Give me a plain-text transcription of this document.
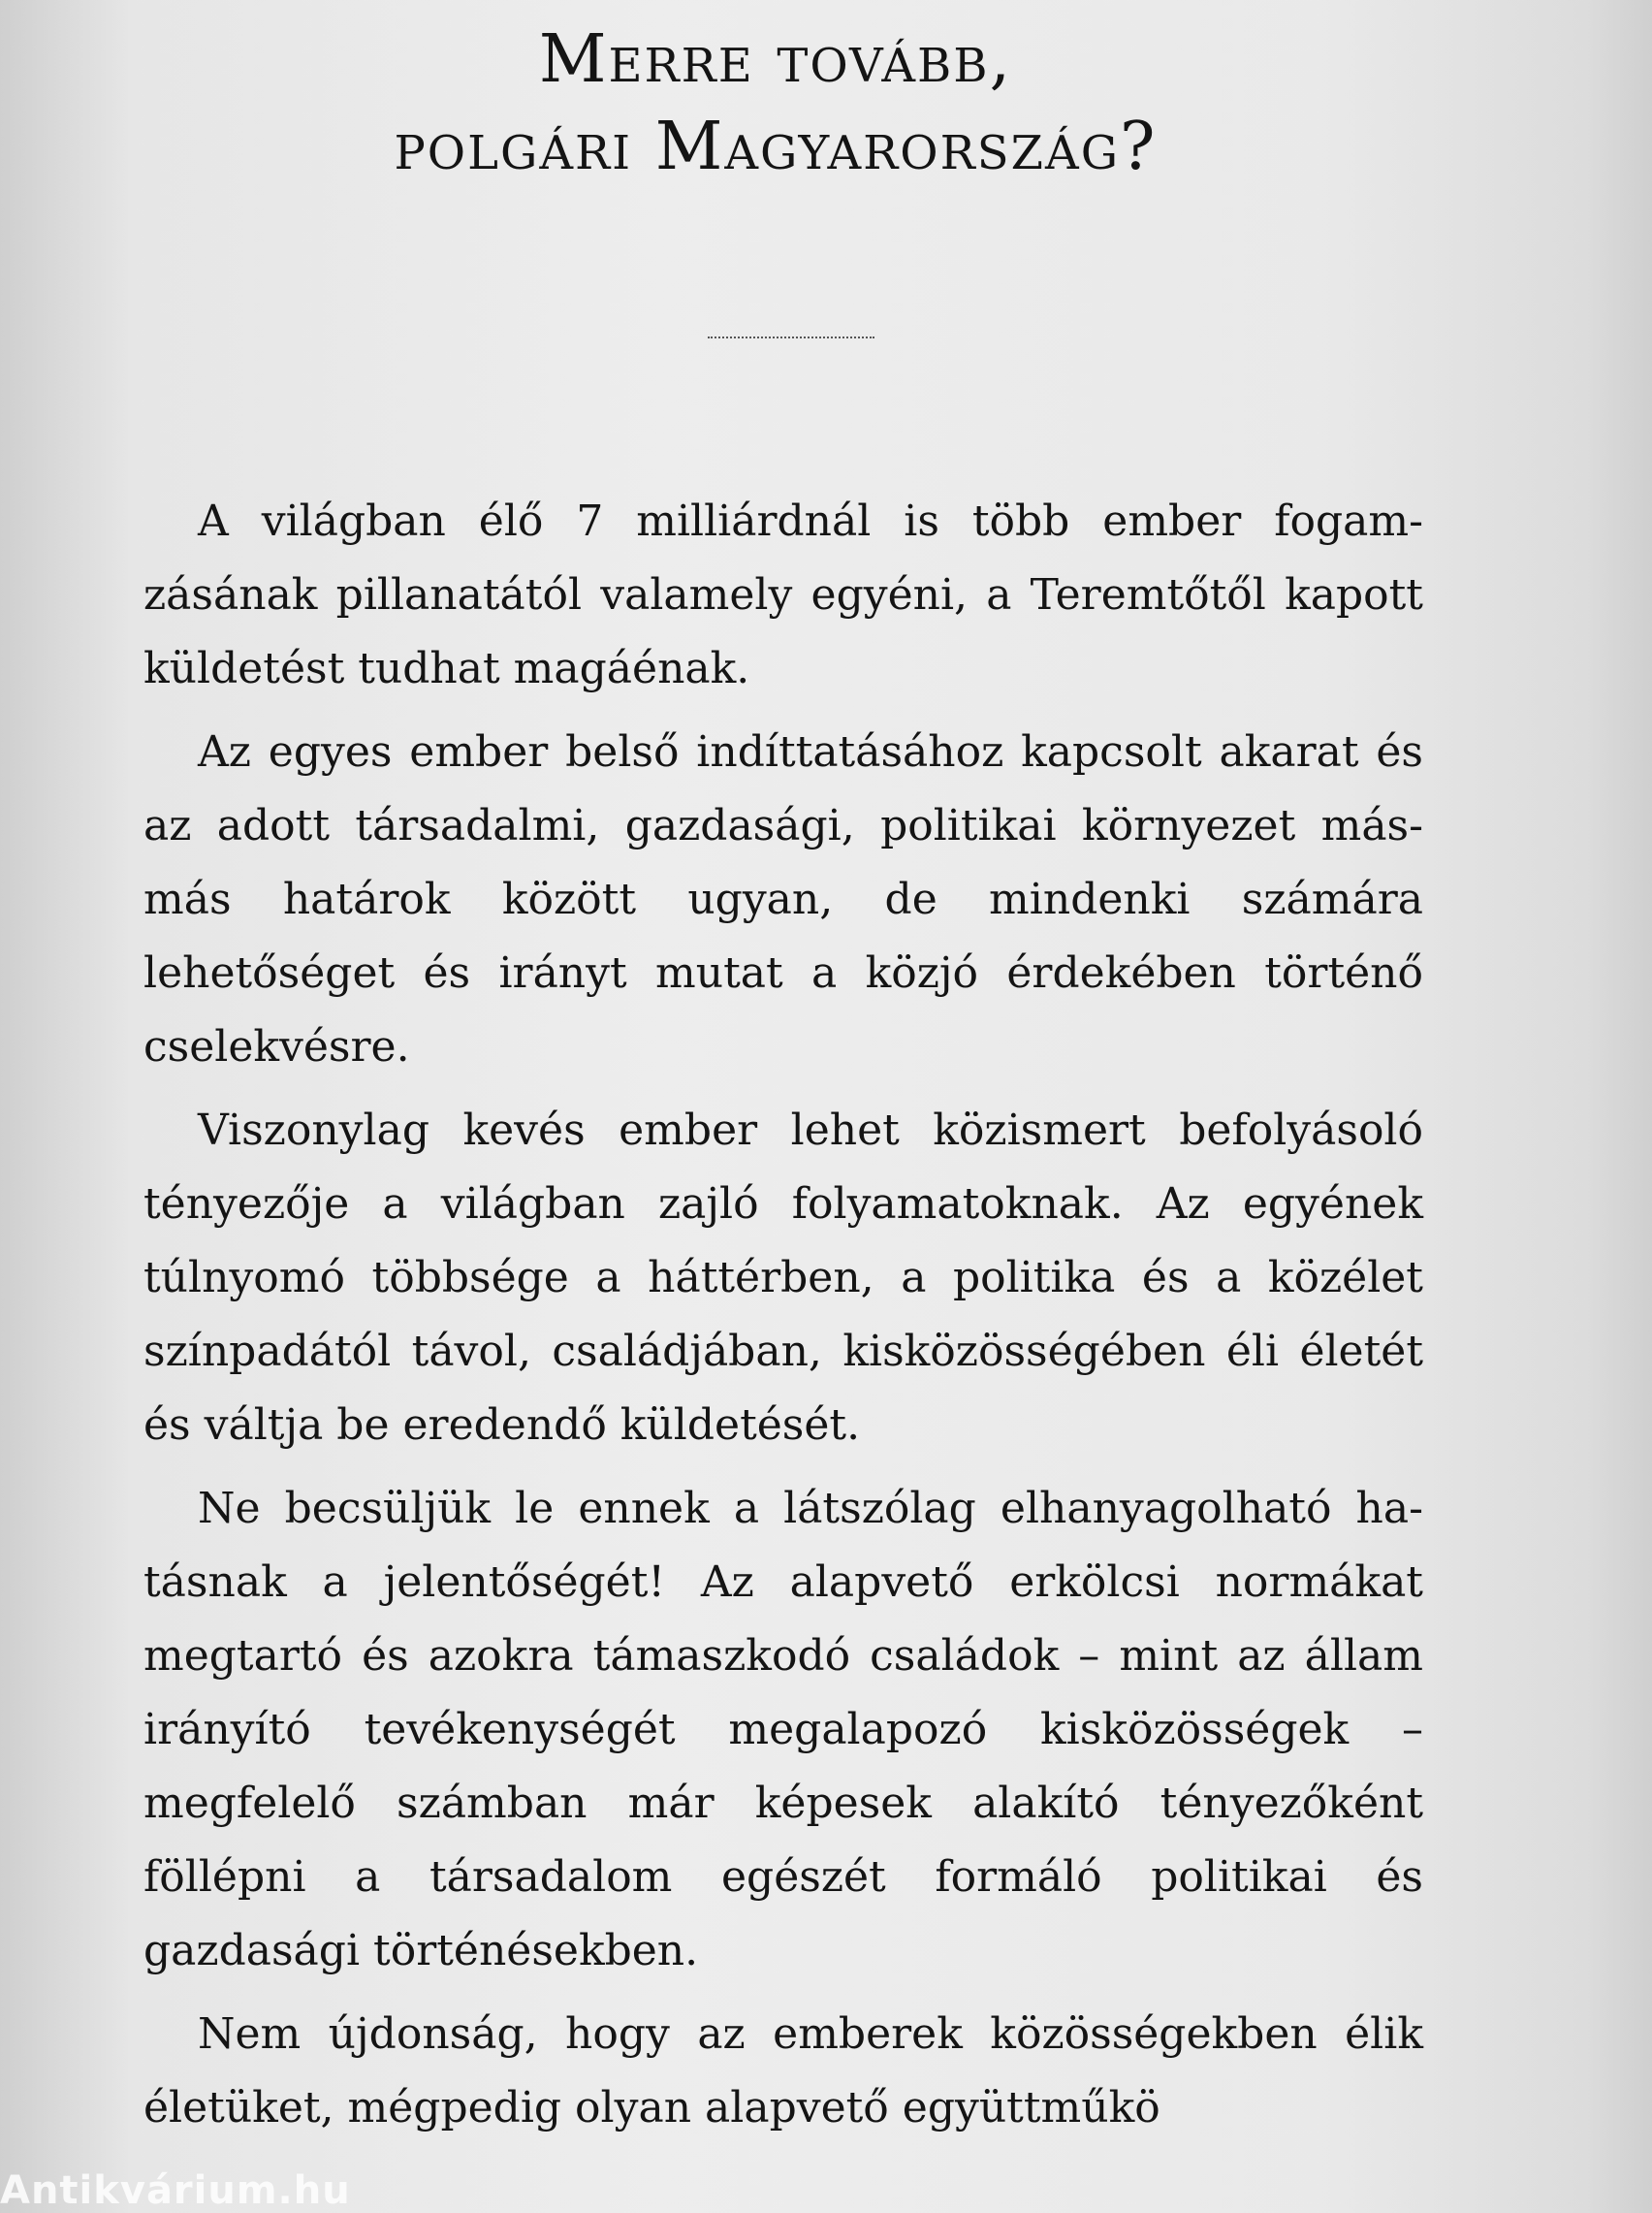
Merre tovább,
polgári Magyarország?

A világban élő 7 milliárdnál is több ember fogamzásának pillanatától valamely egyéni, a Teremtőtől kapott küldetést tudhat magáénak.

Az egyes ember belső indíttatásához kapcsolt akarat és az adott társadalmi, gazdasági, politikai környezet más-más határok között ugyan, de mindenki számára lehetőséget és irányt mutat a közjó érdekében történő cselekvésre.

Viszonylag kevés ember lehet közismert befolyásoló tényezője a világban zajló folyamatoknak. Az egyének túlnyomó többsége a háttérben, a politika és a közélet színpadától távol, családjában, kisközösségében éli életét és váltja be eredendő küldetését.

Ne becsüljük le ennek a látszólag elhanyagolható hatásnak a jelentőségét! Az alapvető erkölcsi normákat megtartó és azokra támaszkodó családok – mint az állam irányító tevékenységét megalapozó kisközösségek – megfelelő számban már képesek alakító tényezőként föllépni a társadalom egészét formáló politikai és gazdasági történésekben.

Nem újdonság, hogy az emberek közösségekben élik életüket, mégpedig olyan alapvető együttműkö

Antikvárium.hu
